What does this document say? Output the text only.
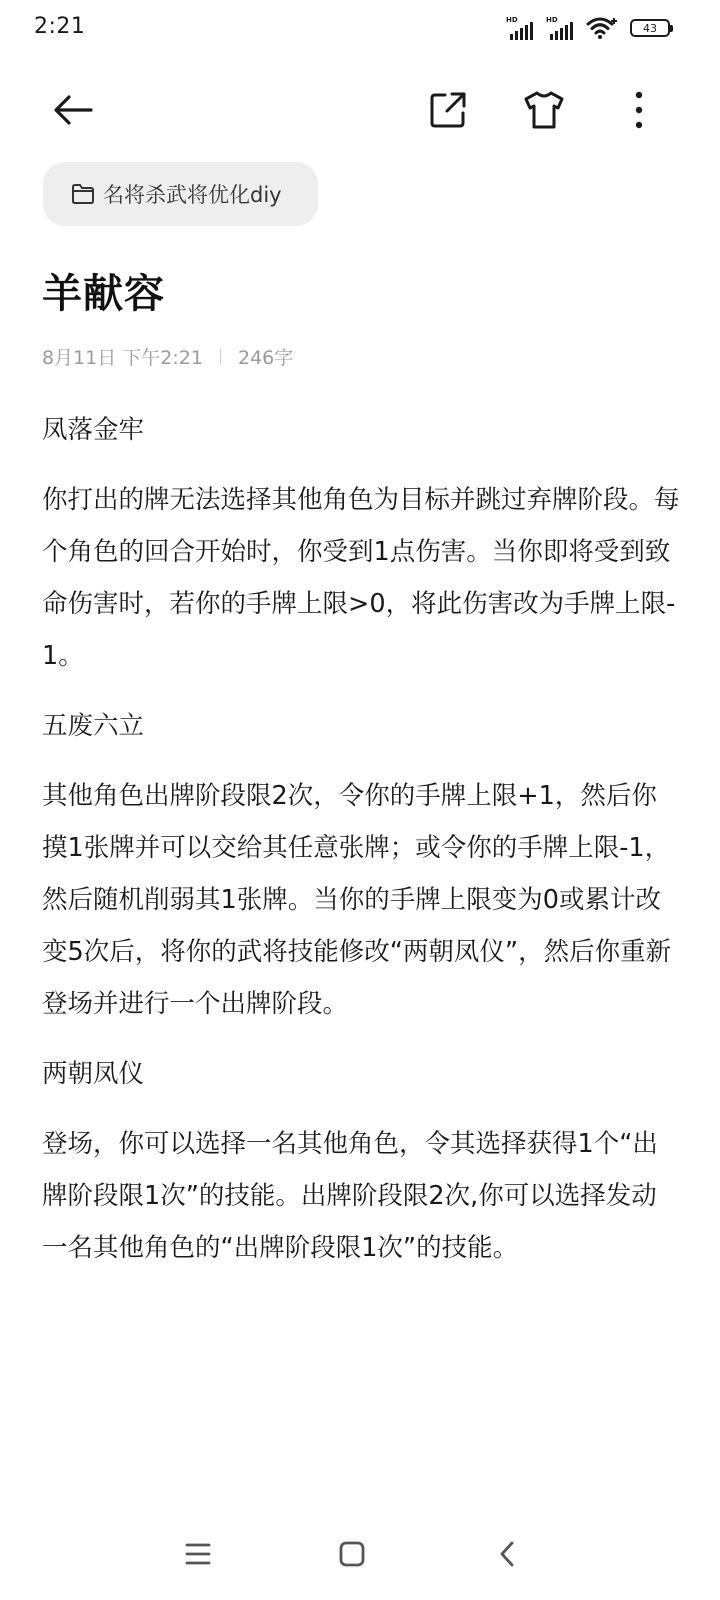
2:21	HD	HD
43
名将杀武将优化diy
羊献容
8月11日 下午2:21 246字
凤落金牢
你打出的牌无法选择其他角色为目标并跳过弃牌阶段。每个角色的回合开始时，你受到1点伤害。当你即将受到致命伤害时，若你的手牌上限>0，将此伤害改为手牌上限-1。
五废六立
其他角色出牌阶段限2次，令你的手牌上限+1，然后你摸1张牌并可以交给其任意张牌；或令你的手牌上限-1，然后随机削弱其1张牌。当你的手牌上限变为0或累计改变5次后，将你的武将技能修改“两朝凤仪”，然后你重新登场并进行一个出牌阶段。
两朝凤仪
登场，你可以选择一名其他角色，令其选择获得1个“出牌阶段限1次”的技能。出牌阶段限2次,你可以选择发动一名其他角色的“出牌阶段限1次”的技能。
